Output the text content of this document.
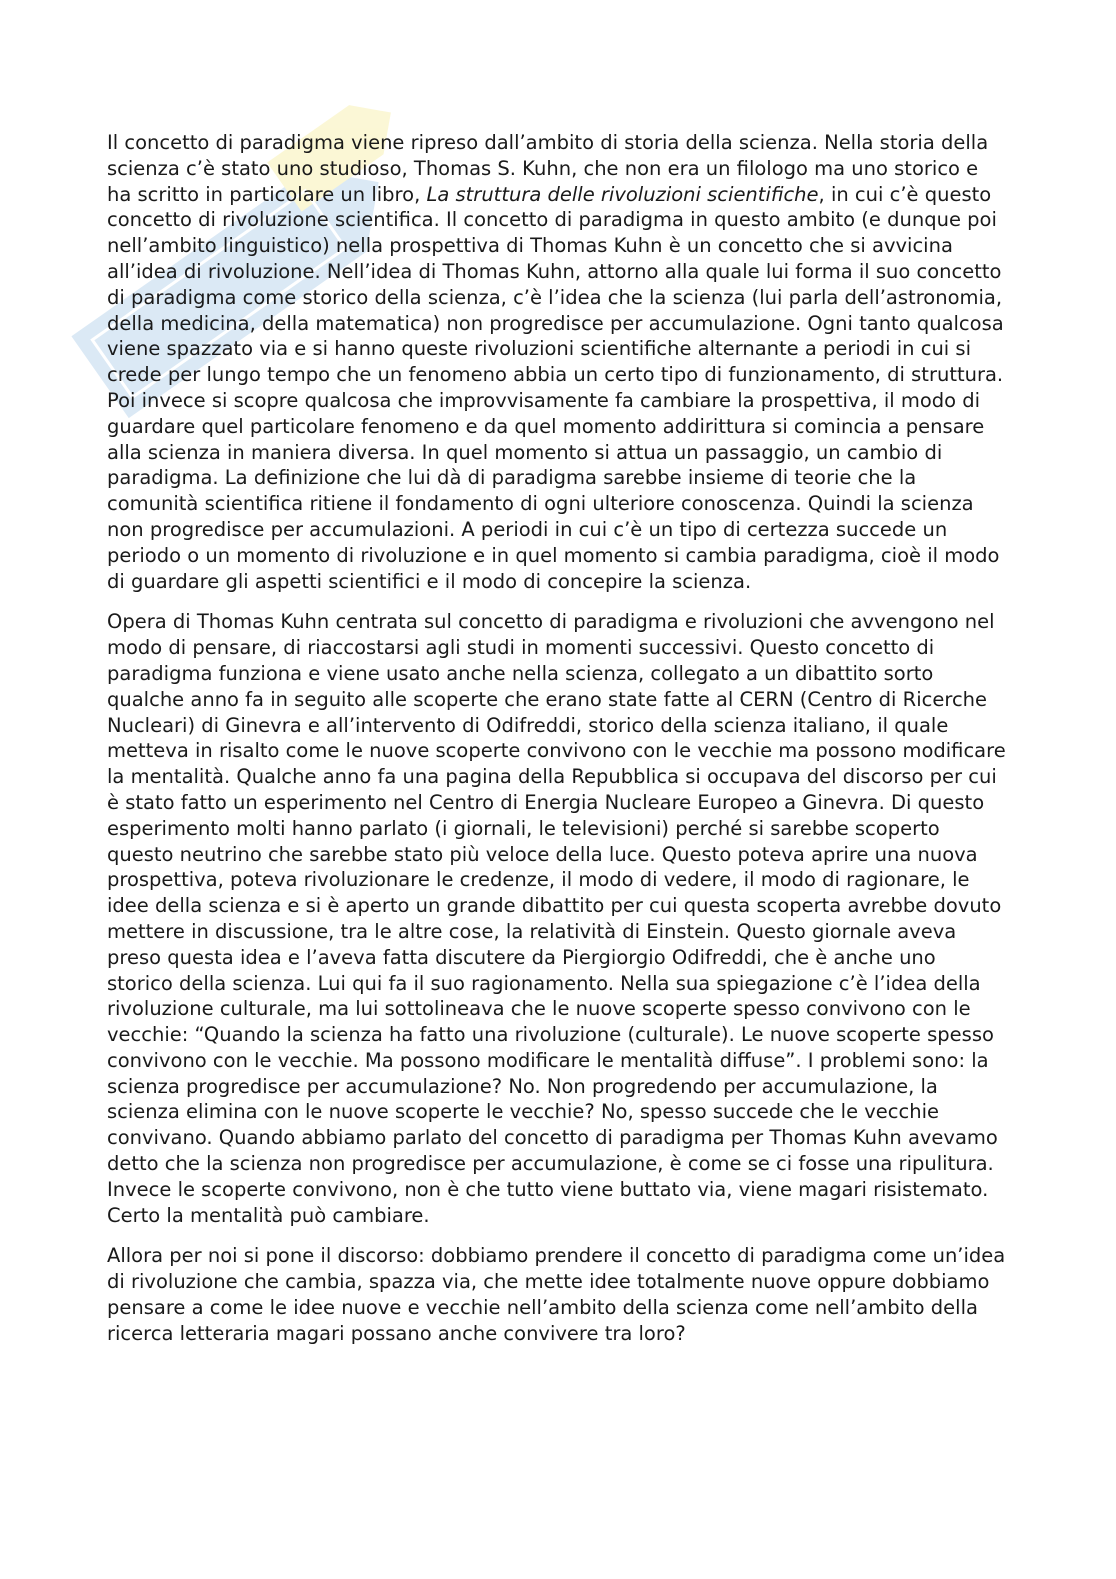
Il concetto di paradigma viene ripreso dall’ambito di storia della scienza. Nella storia della scienza c’è stato uno studioso, Thomas S. Kuhn, che non era un filologo ma uno storico e ha scritto in particolare un libro, La struttura delle rivoluzioni scientifiche, in cui c’è questo concetto di rivoluzione scientifica. Il concetto di paradigma in questo ambito (e dunque poi nell’ambito linguistico) nella prospettiva di Thomas Kuhn è un concetto che si avvicina all’idea di rivoluzione. Nell’idea di Thomas Kuhn, attorno alla quale lui forma il suo concetto di paradigma come storico della scienza, c’è l’idea che la scienza (lui parla dell’astronomia, della medicina, della matematica) non progredisce per accumulazione. Ogni tanto qualcosa viene spazzato via e si hanno queste rivoluzioni scientifiche alternante a periodi in cui si crede per lungo tempo che un fenomeno abbia un certo tipo di funzionamento, di struttura. Poi invece si scopre qualcosa che improvvisamente fa cambiare la prospettiva, il modo di guardare quel particolare fenomeno e da quel momento addirittura si comincia a pensare alla scienza in maniera diversa. In quel momento si attua un passaggio, un cambio di paradigma. La definizione che lui dà di paradigma sarebbe insieme di teorie che la comunità scientifica ritiene il fondamento di ogni ulteriore conoscenza. Quindi la scienza non progredisce per accumulazioni. A periodi in cui c’è un tipo di certezza succede un periodo o un momento di rivoluzione e in quel momento si cambia paradigma, cioè il modo di guardare gli aspetti scientifici e il modo di concepire la scienza.

Opera di Thomas Kuhn centrata sul concetto di paradigma e rivoluzioni che avvengono nel modo di pensare, di riaccostarsi agli studi in momenti successivi. Questo concetto di paradigma funziona e viene usato anche nella scienza, collegato a un dibattito sorto qualche anno fa in seguito alle scoperte che erano state fatte al CERN (Centro di Ricerche Nucleari) di Ginevra e all’intervento di Odifreddi, storico della scienza italiano, il quale metteva in risalto come le nuove scoperte convivono con le vecchie ma possono modificare la mentalità. Qualche anno fa una pagina della Repubblica si occupava del discorso per cui è stato fatto un esperimento nel Centro di Energia Nucleare Europeo a Ginevra. Di questo esperimento molti hanno parlato (i giornali, le televisioni) perché si sarebbe scoperto questo neutrino che sarebbe stato più veloce della luce. Questo poteva aprire una nuova prospettiva, poteva rivoluzionare le credenze, il modo di vedere, il modo di ragionare, le idee della scienza e si è aperto un grande dibattito per cui questa scoperta avrebbe dovuto mettere in discussione, tra le altre cose, la relatività di Einstein. Questo giornale aveva preso questa idea e l’aveva fatta discutere da Piergiorgio Odifreddi, che è anche uno storico della scienza. Lui qui fa il suo ragionamento. Nella sua spiegazione c’è l’idea della rivoluzione culturale, ma lui sottolineava che le nuove scoperte spesso convivono con le vecchie: “Quando la scienza ha fatto una rivoluzione (culturale). Le nuove scoperte spesso convivono con le vecchie. Ma possono modificare le mentalità diffuse”. I problemi sono: la scienza progredisce per accumulazione? No. Non progredendo per accumulazione, la scienza elimina con le nuove scoperte le vecchie? No, spesso succede che le vecchie convivano. Quando abbiamo parlato del concetto di paradigma per Thomas Kuhn avevamo detto che la scienza non progredisce per accumulazione, è come se ci fosse una ripulitura. Invece le scoperte convivono, non è che tutto viene buttato via, viene magari risistemato. Certo la mentalità può cambiare.

Allora per noi si pone il discorso: dobbiamo prendere il concetto di paradigma come un’idea di rivoluzione che cambia, spazza via, che mette idee totalmente nuove oppure dobbiamo pensare a come le idee nuove e vecchie nell’ambito della scienza come nell’ambito della ricerca letteraria magari possano anche convivere tra loro?
